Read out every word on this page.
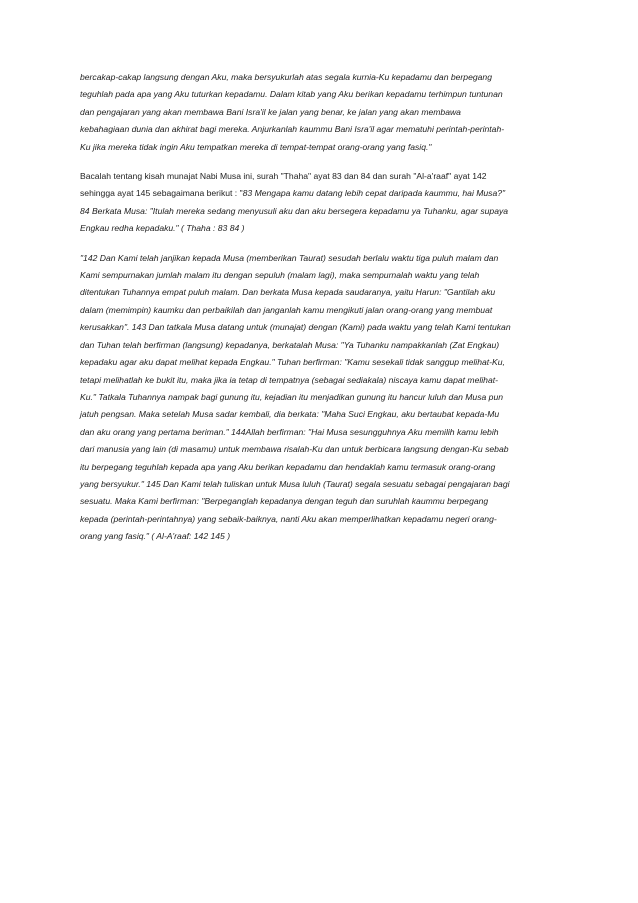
bercakap-cakap langsung dengan Aku, maka bersyukurlah atas segala kurnia-Ku kepadamu dan berpegang
teguhlah pada apa yang Aku tuturkan kepadamu. Dalam kitab yang Aku berikan kepadamu terhimpun tuntunan
dan pengajaran yang akan membawa Bani Isra'il ke jalan yang benar, ke jalan yang akan membawa
kebahagiaan dunia dan akhirat bagi mereka. Anjurkanlah kaummu Bani Isra'il agar mematuhi perintah-perintah-
Ku jika mereka tidak ingin Aku tempatkan mereka di tempat-tempat orang-orang yang fasiq."

Bacalah tentang kisah munajat Nabi Musa ini, surah "Thaha" ayat 83 dan 84 dan surah "Al-a'raaf" ayat 142
sehingga ayat 145 sebagaimana berikut : "83 Mengapa kamu datang lebih cepat daripada kaummu, hai Musa?"
84 Berkata Musa: "Itulah mereka sedang menyusuli aku dan aku bersegera kepadamu ya Tuhanku, agar supaya
Engkau redha kepadaku." ( Thaha : 83 84 )

"142 Dan Kami telah janjikan kepada Musa (memberikan Taurat) sesudah berlalu waktu tiga puluh malam dan
Kami sempurnakan jumlah malam itu dengan sepuluh (malam lagi), maka sempurnalah waktu yang telah
ditentukan Tuhannya empat puluh malam. Dan berkata Musa kepada saudaranya, yaitu Harun: "Gantilah aku
dalam (memimpin) kaumku dan perbaikilah dan janganlah kamu mengikuti jalan orang-orang yang membuat
kerusakkan". 143 Dan tatkala Musa datang untuk (munajat) dengan (Kami) pada waktu yang telah Kami tentukan
dan Tuhan telah berfirman (langsung) kepadanya, berkatalah Musa: "Ya Tuhanku nampakkanlah (Zat Engkau)
kepadaku agar aku dapat melihat kepada Engkau." Tuhan berfirman: "Kamu sesekali tidak sanggup melihat-Ku,
tetapi melihatlah ke bukit itu, maka jika ia tetap di tempatnya (sebagai sediakala) niscaya kamu dapat melihat-
Ku." Tatkala Tuhannya nampak bagi gunung itu, kejadian itu menjadikan gunung itu hancur luluh dan Musa pun
jatuh pengsan. Maka setelah Musa sadar kembali, dia berkata: "Maha Suci Engkau, aku bertaubat kepada-Mu
dan aku orang yang pertama beriman." 144Allah berfirman: "Hai Musa sesungguhnya Aku memilih kamu lebih
dari manusia yang lain (di masamu) untuk membawa risalah-Ku dan untuk berbicara langsung dengan-Ku sebab
itu berpegang teguhlah kepada apa yang Aku berikan kepadamu dan hendaklah kamu termasuk orang-orang
yang bersyukur." 145 Dan Kami telah tuliskan untuk Musa luluh (Taurat) segala sesuatu sebagai pengajaran bagi
sesuatu. Maka Kami berfirman: "Berpeganglah kepadanya dengan teguh dan suruhlah kaummu berpegang
kepada (perintah-perintahnya) yang sebaik-baiknya, nanti Aku akan memperlihatkan kepadamu negeri orang-
orang yang fasiq." ( Al-A'raaf: 142 145 )
